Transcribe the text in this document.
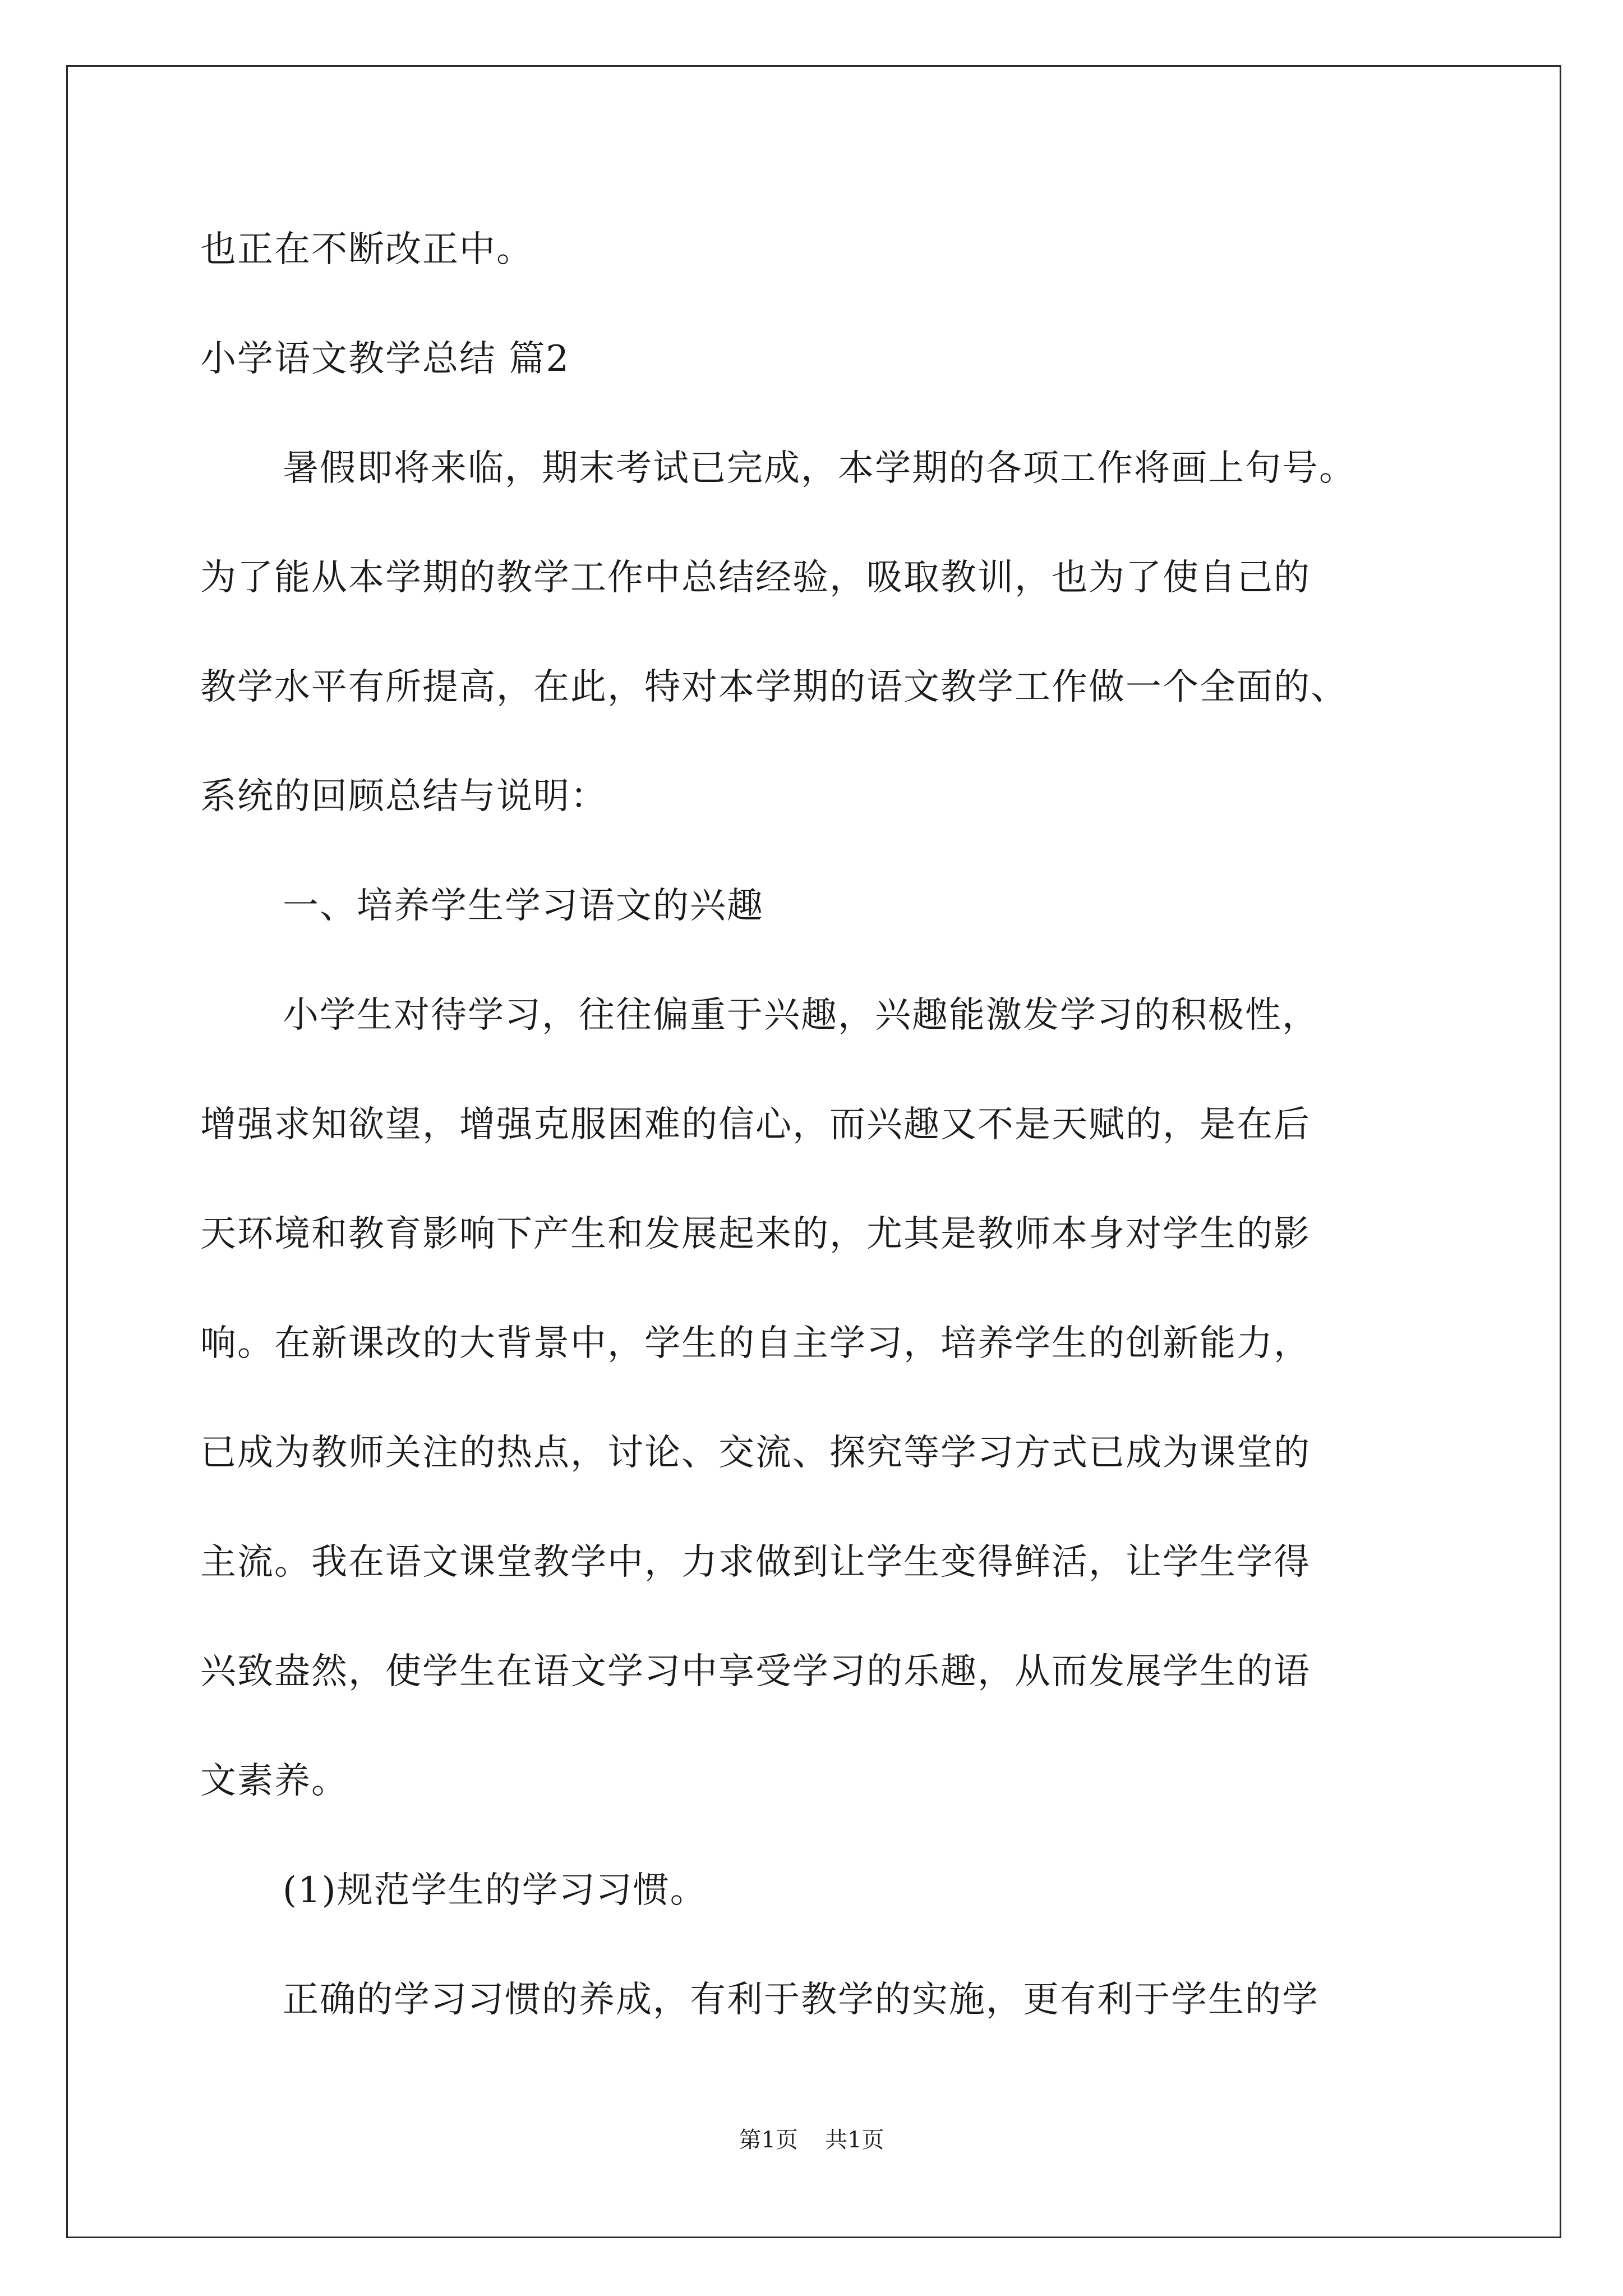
也正在不断改正中。
小学语文教学总结 篇2
暑假即将来临，期末考试已完成，本学期的各项工作将画上句号。
为了能从本学期的教学工作中总结经验，吸取教训，也为了使自己的
教学水平有所提高，在此，特对本学期的语文教学工作做一个全面的、
系统的回顾总结与说明：
一、培养学生学习语文的兴趣
小学生对待学习，往往偏重于兴趣，兴趣能激发学习的积极性，
增强求知欲望，增强克服困难的信心，而兴趣又不是天赋的，是在后
天环境和教育影响下产生和发展起来的，尤其是教师本身对学生的影
响。在新课改的大背景中，学生的自主学习，培养学生的创新能力，
已成为教师关注的热点，讨论、交流、探究等学习方式已成为课堂的
主流。我在语文课堂教学中，力求做到让学生变得鲜活，让学生学得
兴致盎然，使学生在语文学习中享受学习的乐趣，从而发展学生的语
文素养。
(1)规范学生的学习习惯。
正确的学习习惯的养成，有利于教学的实施，更有利于学生的学
第1页 共1页
